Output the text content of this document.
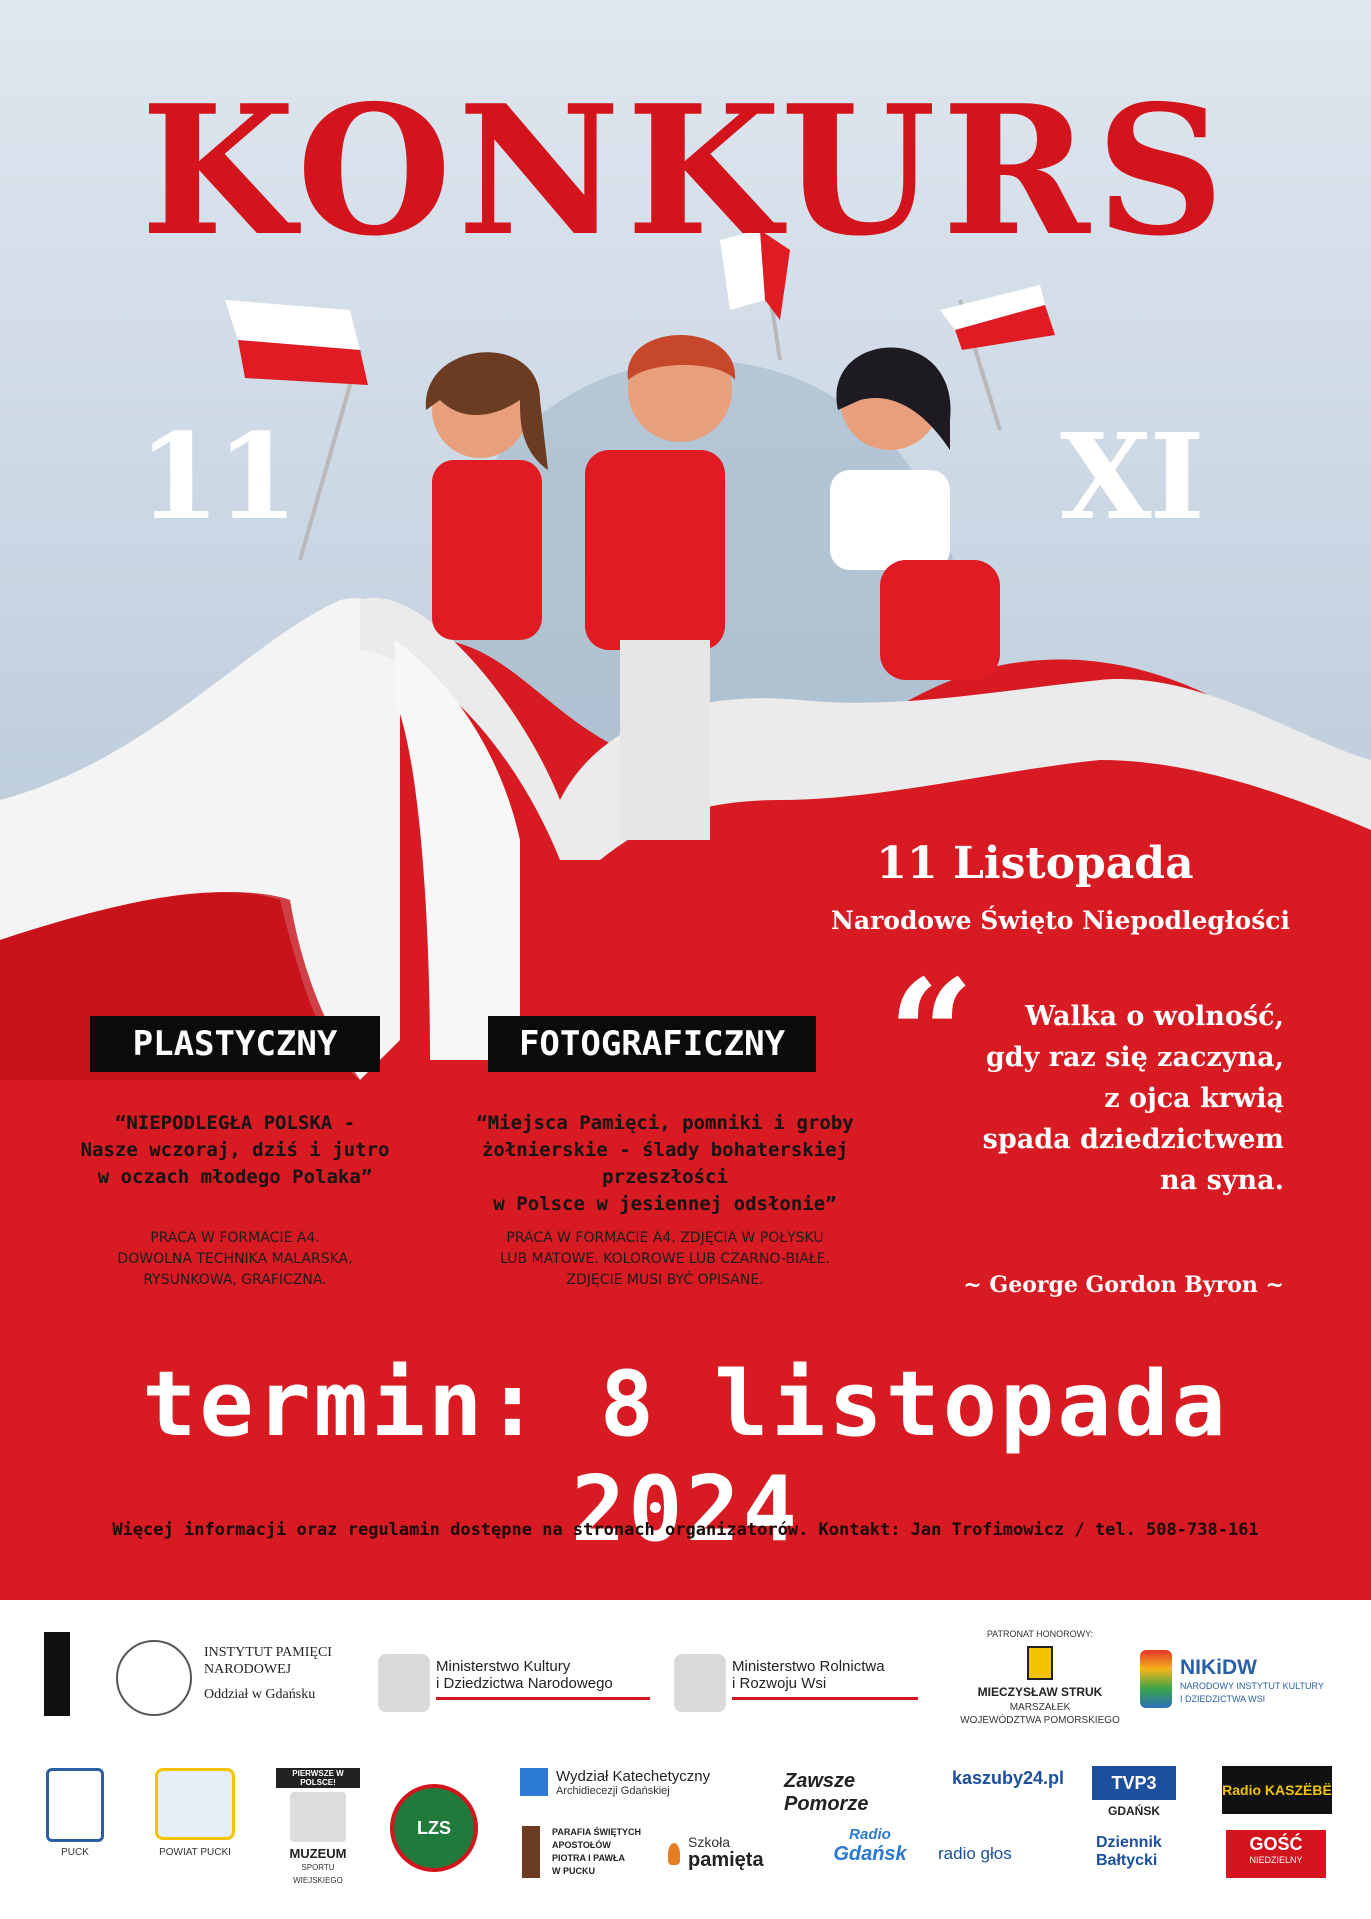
KONKURS
11	XI
11 Listopada
Narodowe Święto Niepodległości
“	Walka o wolność,
gdy raz się zaczyna,
z ojca krwią
spada dziedzictwem
na syna.
~ George Gordon Byron ~
PLASTYCZNY	FOTOGRAFICZNY
“NIEPODLEGŁA POLSKA -
Nasze wczoraj, dziś i jutro
w oczach młodego Polaka”
“Miejsca Pamięci, pomniki i groby
żołnierskie - ślady bohaterskiej przeszłości
w Polsce w jesiennej odsłonie”
PRACA W FORMACIE A4.
DOWOLNA TECHNIKA MALARSKA,
RYSUNKOWA, GRAFICZNA.
PRACA W FORMACIE A4. ZDJĘCIA W POŁYSKU
LUB MATOWE. KOLOROWE LUB CZARNO-BIAŁE.
ZDJĘCIE MUSI BYĆ OPISANE.
termin: 8 listopada 2024
Więcej informacji oraz regulamin dostępne na stronach organizatorów. Kontakt: Jan Trofimowicz / tel. 508-738-161
INSTYTUT PAMIĘCI
NARODOWEJ
Oddział w Gdańsku
Ministerstwo Kultury
i Dziedzictwa Narodowego
Ministerstwo Rolnictwa
i Rozwoju Wsi
PATRONAT HONOROWY:
MIECZYSŁAW STRUK
MARSZAŁEK
WOJEWÓDZTWA POMORSKIEGO
NIKiDW
NARODOWY INSTYTUT KULTURY
I DZIEDZICTWA WSI
PUCK	POWIAT PUCKI
PIERWSZE W POLSCE!
MUZEUM
SPORTU WIEJSKIEGO
LZS
Wydział Katechetyczny
Archidiecezji Gdańskiej
PARAFIA ŚWIĘTYCH
APOSTOŁÓW
PIOTRA I PAWŁA
W PUCKU
Zawsze Pomorze
Szkoła
pamięta
Radio
Gdańsk
kaszuby24.pl
radio głos
TVP3
GDAŃSK
Dziennik
Bałtycki
Radio KASZËBË
GOŚĆ
NIEDZIELNY
